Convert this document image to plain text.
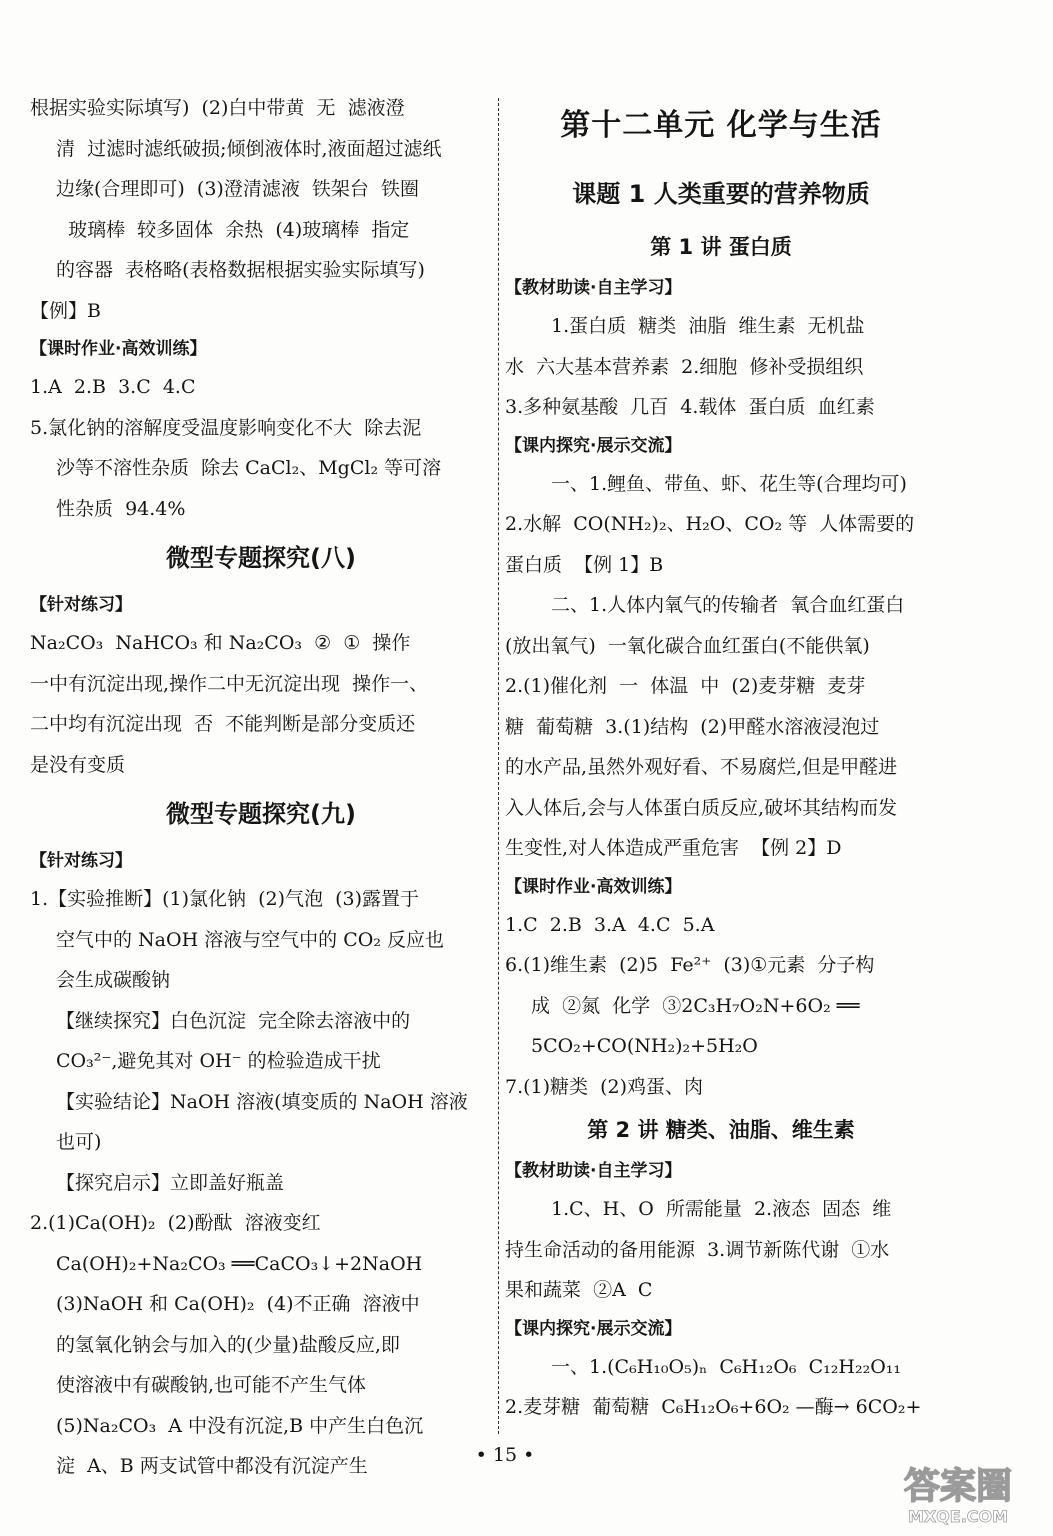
根据实验实际填写)  (2)白中带黄  无  滤液澄
清  过滤时滤纸破损;倾倒液体时,液面超过滤纸
边缘(合理即可)  (3)澄清滤液  铁架台  铁圈
玻璃棒  较多固体  余热  (4)玻璃棒  指定
的容器  表格略(表格数据根据实验实际填写)
【例】B
【课时作业·高效训练】
1.A  2.B  3.C  4.C
5.氯化钠的溶解度受温度影响变化不大  除去泥
沙等不溶性杂质  除去 CaCl₂、MgCl₂ 等可溶
性杂质  94.4%
微型专题探究(八)
【针对练习】
Na₂CO₃  NaHCO₃ 和 Na₂CO₃  ②  ①  操作
一中有沉淀出现,操作二中无沉淀出现  操作一、
二中均有沉淀出现  否  不能判断是部分变质还
是没有变质
微型专题探究(九)
【针对练习】
1.【实验推断】(1)氯化钠  (2)气泡  (3)露置于
空气中的 NaOH 溶液与空气中的 CO₂ 反应也
会生成碳酸钠
【继续探究】白色沉淀  完全除去溶液中的
CO₃²⁻,避免其对 OH⁻ 的检验造成干扰
【实验结论】NaOH 溶液(填变质的 NaOH 溶液
也可)
【探究启示】立即盖好瓶盖
2.(1)Ca(OH)₂  (2)酚酞  溶液变红
Ca(OH)₂+Na₂CO₃ ══CaCO₃↓+2NaOH
(3)NaOH 和 Ca(OH)₂  (4)不正确  溶液中
的氢氧化钠会与加入的(少量)盐酸反应,即
使溶液中有碳酸钠,也可能不产生气体
(5)Na₂CO₃  A 中没有沉淀,B 中产生白色沉
淀  A、B 两支试管中都没有沉淀产生
第十二单元 化学与生活
课题 1 人类重要的营养物质
第 1 讲 蛋白质
【教材助读·自主学习】
1.蛋白质  糖类  油脂  维生素  无机盐
水  六大基本营养素  2.细胞  修补受损组织
3.多种氨基酸  几百  4.载体  蛋白质  血红素
【课内探究·展示交流】
一、1.鲤鱼、带鱼、虾、花生等(合理均可)
2.水解  CO(NH₂)₂、H₂O、CO₂ 等  人体需要的
蛋白质  【例 1】B
二、1.人体内氧气的传输者  氧合血红蛋白
(放出氧气)  一氧化碳合血红蛋白(不能供氧)
2.(1)催化剂  一  体温  中  (2)麦芽糖  麦芽
糖  葡萄糖  3.(1)结构  (2)甲醛水溶液浸泡过
的水产品,虽然外观好看、不易腐烂,但是甲醛进
入人体后,会与人体蛋白质反应,破坏其结构而发
生变性,对人体造成严重危害  【例 2】D
【课时作业·高效训练】
1.C  2.B  3.A  4.C  5.A
6.(1)维生素  (2)5  Fe²⁺  (3)①元素  分子构
成  ②氮  化学  ③2C₃H₇O₂N+6O₂ ══
5CO₂+CO(NH₂)₂+5H₂O
7.(1)糖类  (2)鸡蛋、肉
第 2 讲 糖类、油脂、维生素
【教材助读·自主学习】
1.C、H、O  所需能量  2.液态  固态  维
持生命活动的备用能源  3.调节新陈代谢  ①水
果和蔬菜  ②A  C
【课内探究·展示交流】
一、1.(C₆H₁₀O₅)ₙ  C₆H₁₂O₆  C₁₂H₂₂O₁₁
2.麦芽糖  葡萄糖  C₆H₁₂O₆+6O₂ —酶→ 6CO₂+
• 15 •
答案圈
MXQE.COM
